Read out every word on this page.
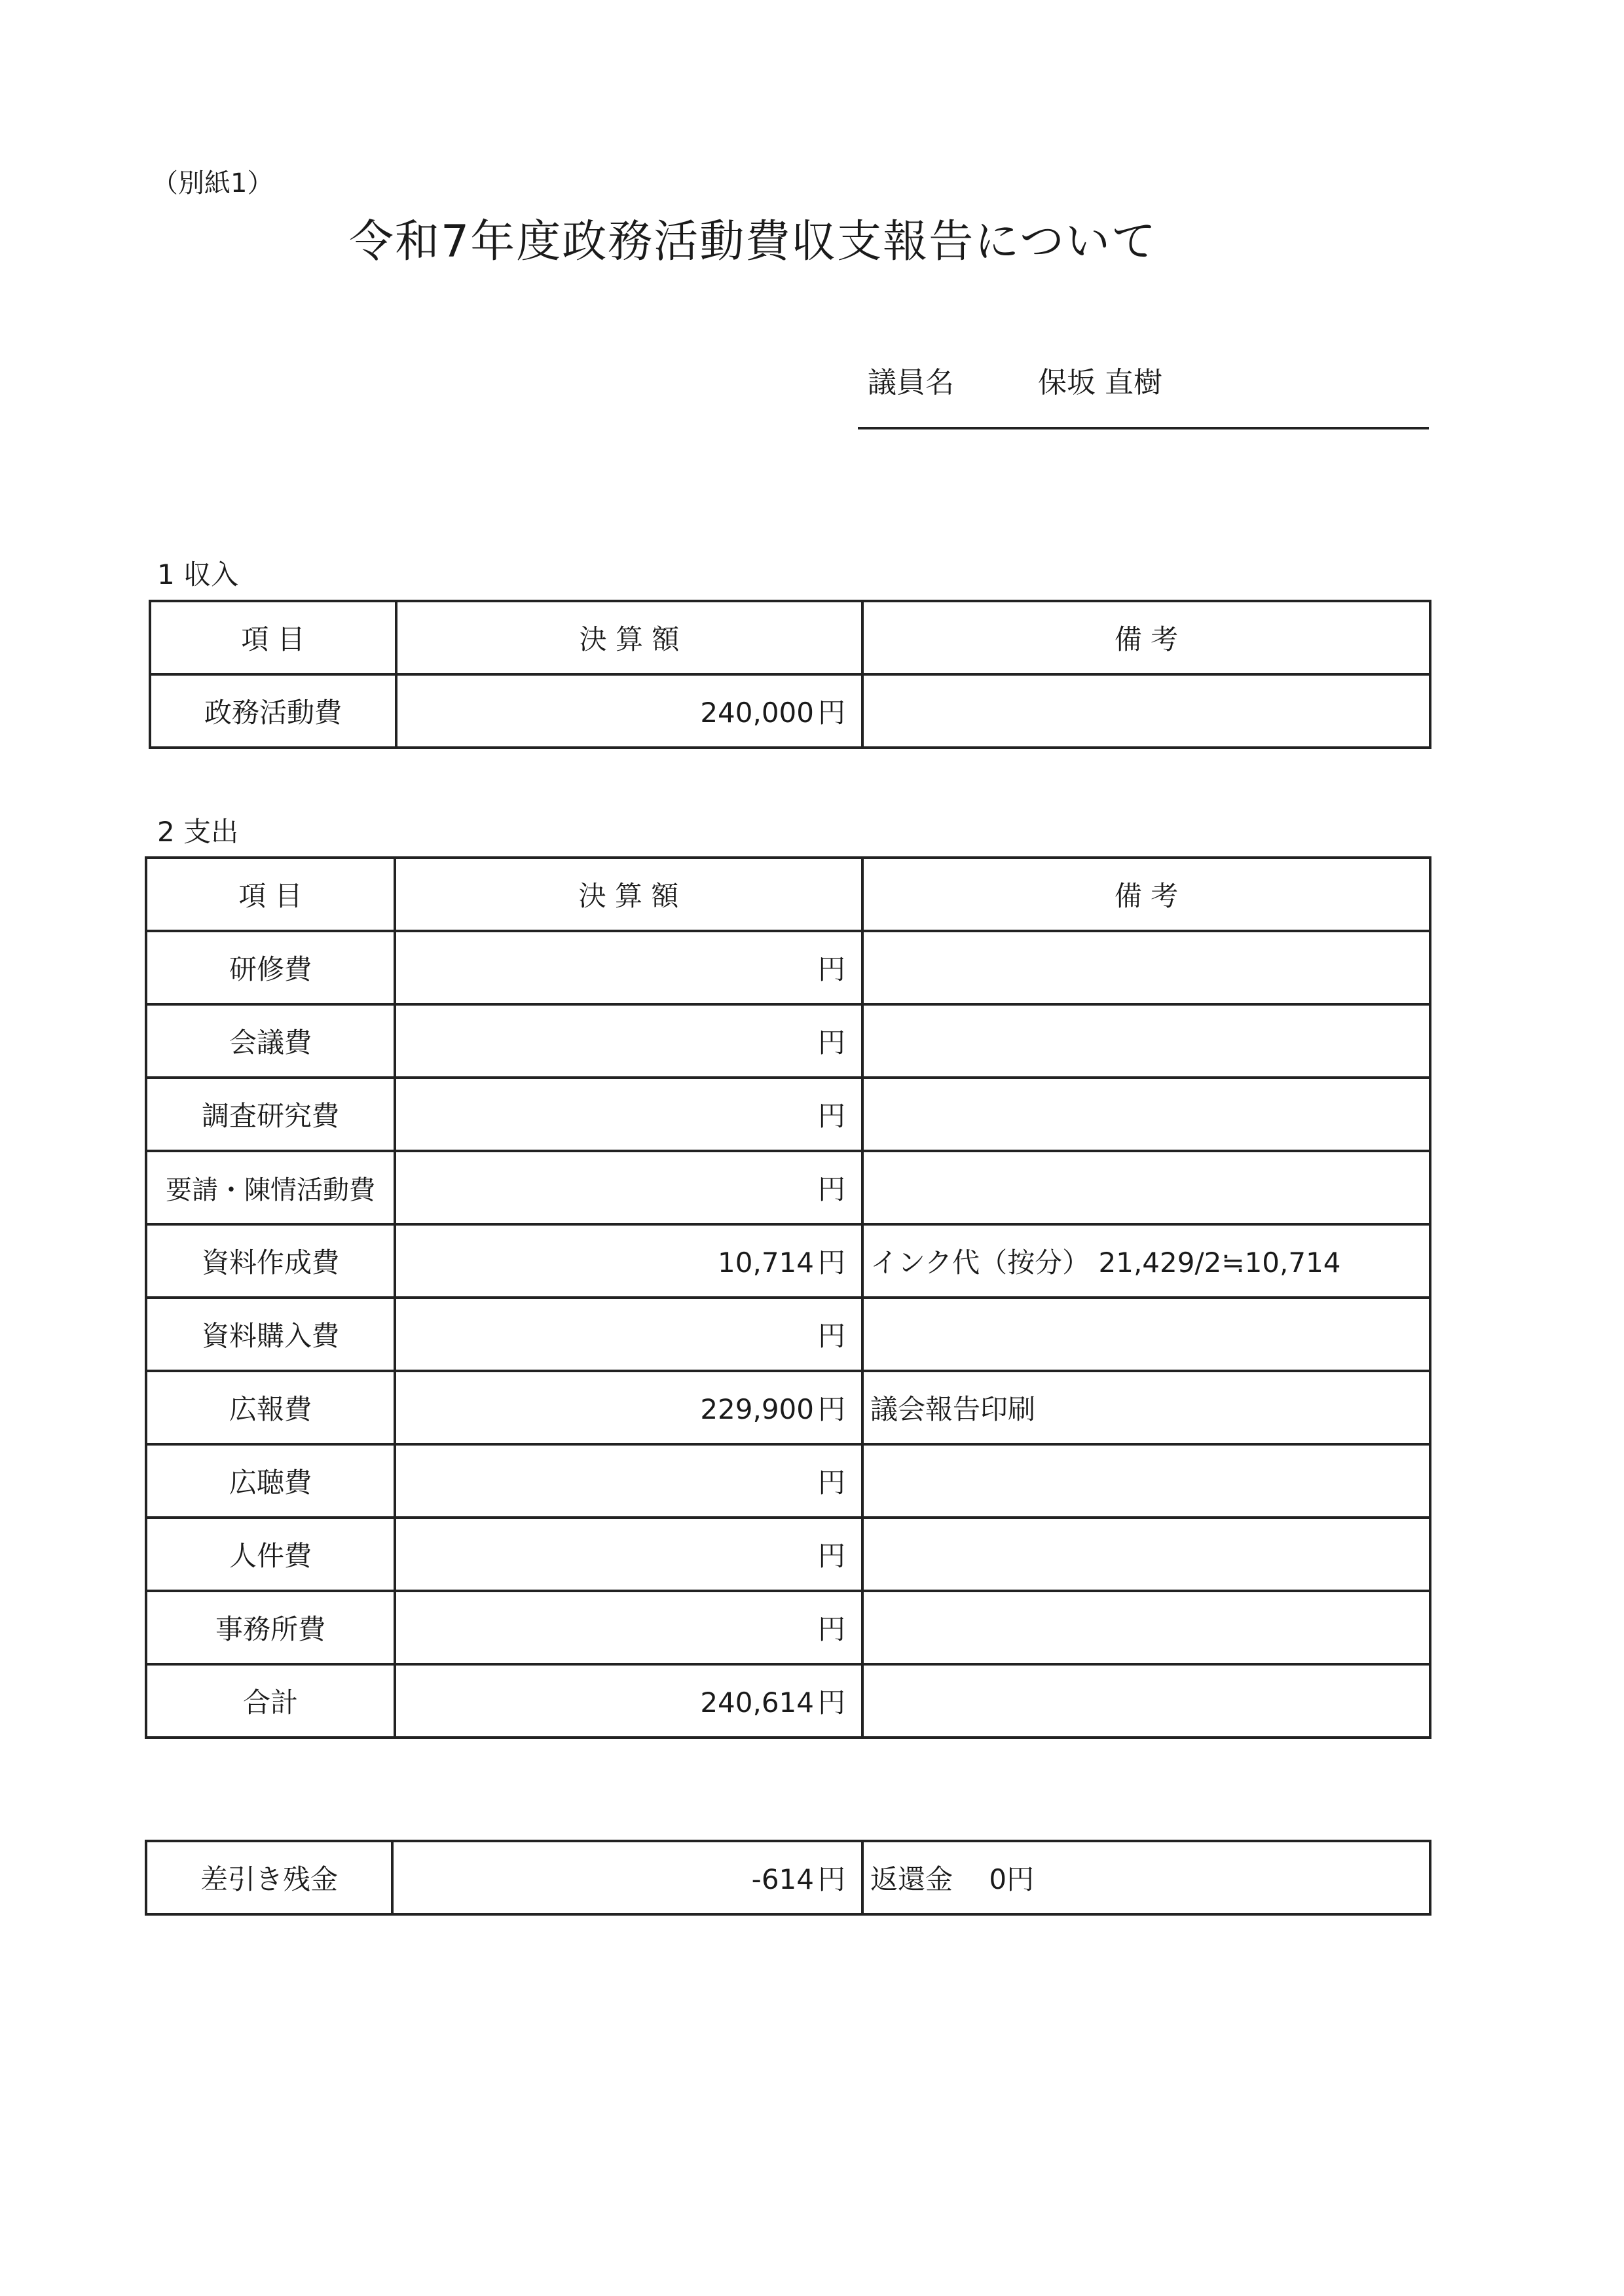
（別紙1）
令和7年度政務活動費収支報告について
議員名	保坂 直樹
1 収入
項 目	決 算 額	備 考
政務活動費	240,000 円	
2 支出
項 目	決 算 額	備 考
研修費	円	
会議費	円	
調査研究費	円	
要請・陳情活動費	円	
資料作成費	10,714 円	インク代（按分） 21,429/2≒10,714
資料購入費	円	
広報費	229,900 円	議会報告印刷
広聴費	円	
人件費	円	
事務所費	円	
合計	240,614 円	
差引き残金	-614 円	返還金　 0円
